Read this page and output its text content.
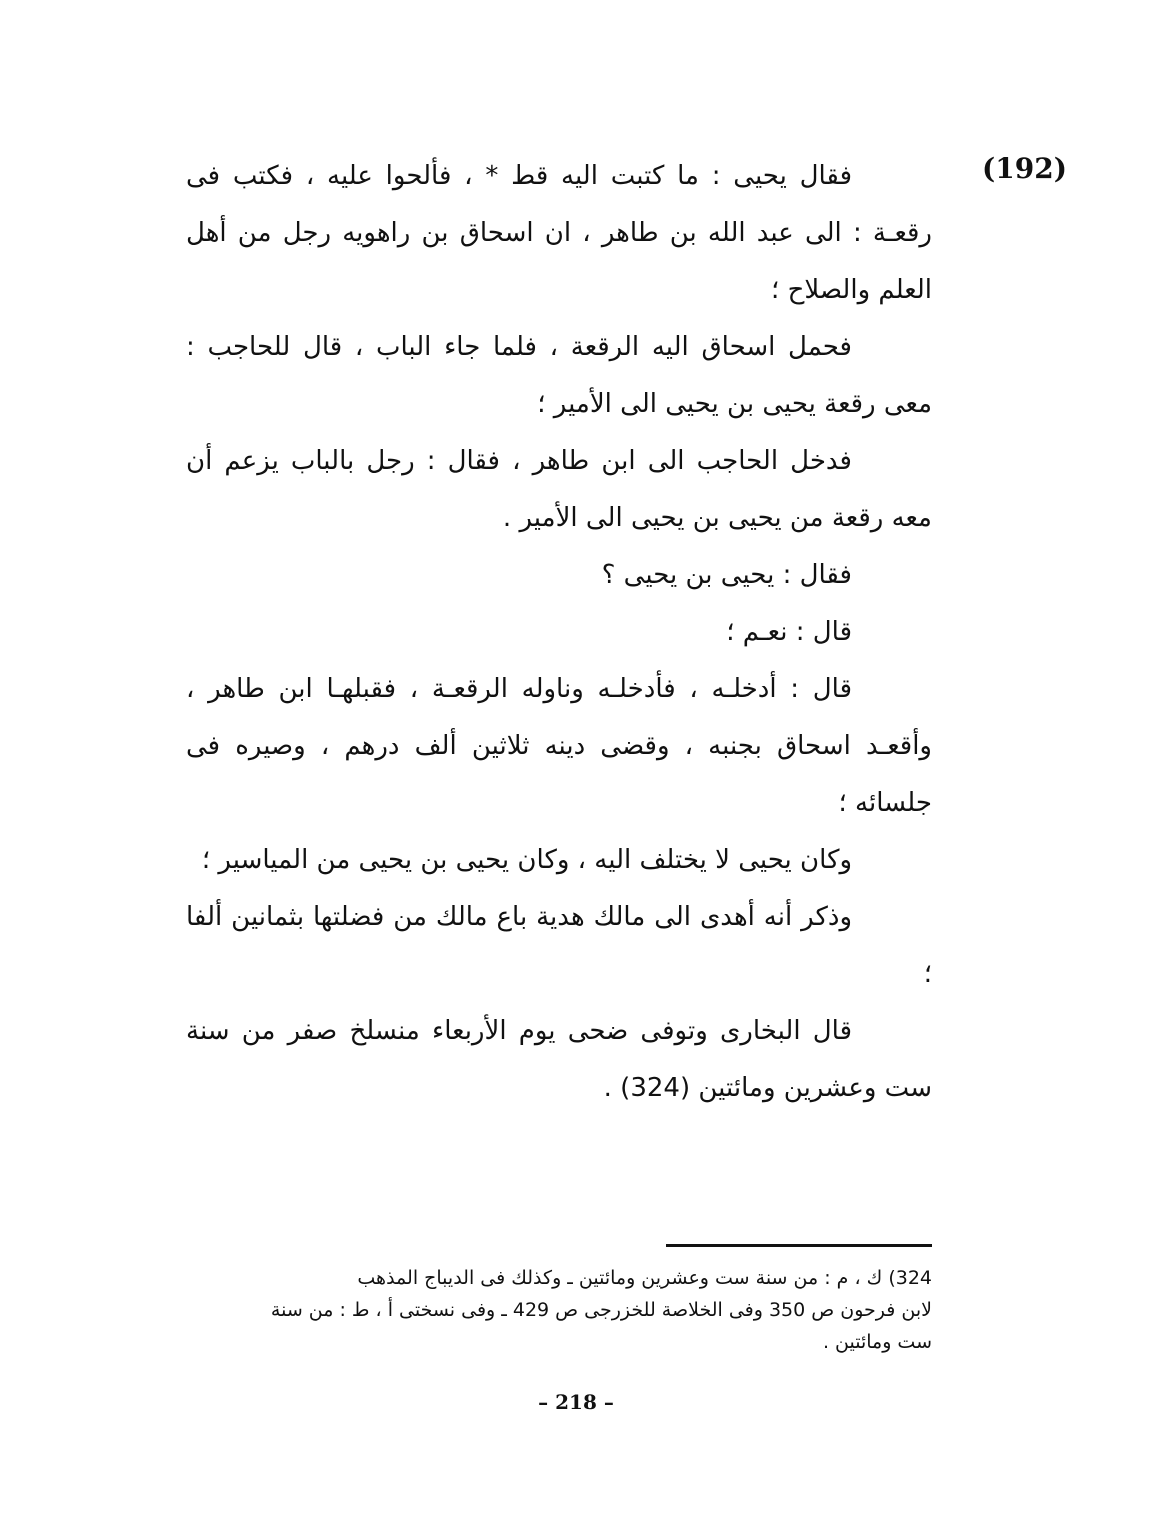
(192)

فقال يحيى : ما كتبت اليه قط * ، فألحوا عليه ، فكتب فى رقعـة : الى عبد الله بن طاهر ، ان اسحاق بن راهويه رجل من أهل العلم والصلاح ؛

فحمل اسحاق اليه الرقعة ، فلما جاء الباب ، قال للحاجب : معى رقعة يحيى بن يحيى الى الأمير ؛

فدخل الحاجب الى ابن طاهر ، فقال : رجل بالباب يزعم أن معه رقعة من يحيى بن يحيى الى الأمير .

فقال : يحيى بن يحيى ؟

قال : نعـم ؛

قال : أدخلـه ، فأدخلـه وناوله الرقعـة ، فقبلهـا ابن طاهر ، وأقعـد اسحاق بجنبه ، وقضى دينه ثلاثين ألف درهم ، وصيره فى جلسائه ؛

وكان يحيى لا يختلف اليه ، وكان يحيى بن يحيى من المياسير ؛

وذكر أنه أهدى الى مالك هدية باع مالك من فضلتها بثمانين ألفا ؛

قال البخارى وتوفى ضحى يوم الأربعاء منسلخ صفر من سنة ست وعشرين ومائتين (324) .

324) ك ، م : من سنة ست وعشرين ومائتين ـ وكذلك فى الديباج المذهب

لابن فرحون ص 350 وفى الخلاصة للخزرجى ص 429 ـ وفى نسختى أ ، ط : من سنة

ست ومائتين .

– 218 –
